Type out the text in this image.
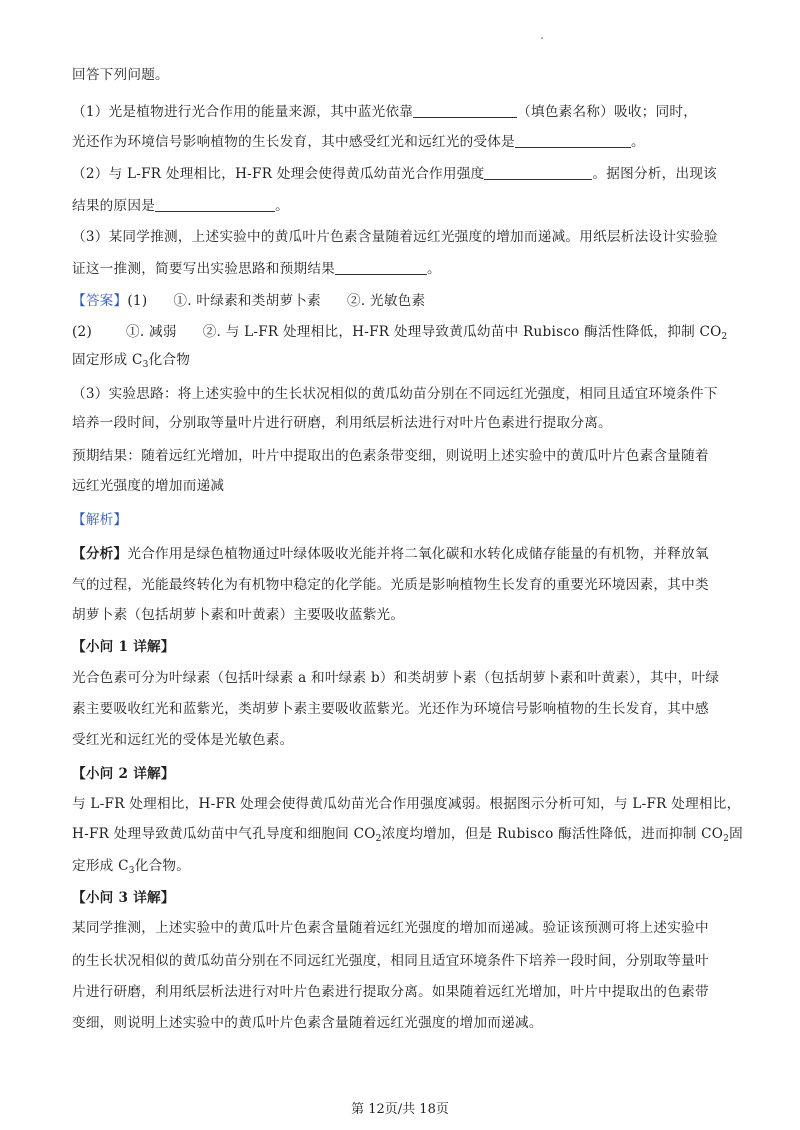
回答下列问题。
（1）光是植物进行光合作用的能量来源，其中蓝光依靠	（填色素名称）吸收；同时，
光还作为环境信号影响植物的生长发育，其中感受红光和远红光的受体是	。
（2）与 L-FR 处理相比，H-FR 处理会使得黄瓜幼苗光合作用强度	。据图分析，出现该
结果的原因是	。
（3）某同学推测，上述实验中的黄瓜叶片色素含量随着远红光强度的增加而递减。用纸层析法设计实验验
证这一推测，简要写出实验思路和预期结果	。
【答案】(1) ①. 叶绿素和类胡萝卜素 ②. 光敏色素
(2)	①. 减弱 ②. 与 L-FR 处理相比，H-FR 处理导致黄瓜幼苗中 Rubisco 酶活性降低，抑制 $CO_2$
固定形成 $C_3$化合物
（3）实验思路：将上述实验中的生长状况相似的黄瓜幼苗分别在不同远红光强度，相同且适宜环境条件下
培养一段时间，分别取等量叶片进行研磨，利用纸层析法进行对叶片色素进行提取分离。
预期结果：随着远红光增加，叶片中提取出的色素条带变细，则说明上述实验中的黄瓜叶片色素含量随着
远红光强度的增加而递减
【解析】
【分析】光合作用是绿色植物通过叶绿体吸收光能并将二氧化碳和水转化成储存能量的有机物，并释放氧
气的过程，光能最终转化为有机物中稳定的化学能。光质是影响植物生长发育的重要光环境因素，其中类
胡萝卜素（包括胡萝卜素和叶黄素）主要吸收蓝紫光。
【小问 1 详解】
光合色素可分为叶绿素（包括叶绿素 a 和叶绿素 b）和类胡萝卜素（包括胡萝卜素和叶黄素），其中，叶绿
素主要吸收红光和蓝紫光，类胡萝卜素主要吸收蓝紫光。光还作为环境信号影响植物的生长发育，其中感
受红光和远红光的受体是光敏色素。
【小问 2 详解】
与 L-FR 处理相比，H-FR 处理会使得黄瓜幼苗光合作用强度减弱。根据图示分析可知，与 L-FR 处理相比，
H-FR 处理导致黄瓜幼苗中气孔导度和细胞间 $CO_2$浓度均增加，但是 Rubisco 酶活性降低，进而抑制 $CO_2$固
定形成 $C_3$化合物。
【小问 3 详解】
某同学推测，上述实验中的黄瓜叶片色素含量随着远红光强度的增加而递减。验证该预测可将上述实验中
的生长状况相似的黄瓜幼苗分别在不同远红光强度，相同且适宜环境条件下培养一段时间，分别取等量叶
片进行研磨，利用纸层析法进行对叶片色素进行提取分离。如果随着远红光增加，叶片中提取出的色素带
变细，则说明上述实验中的黄瓜叶片色素含量随着远红光强度的增加而递减。
第 12页/共 18页
